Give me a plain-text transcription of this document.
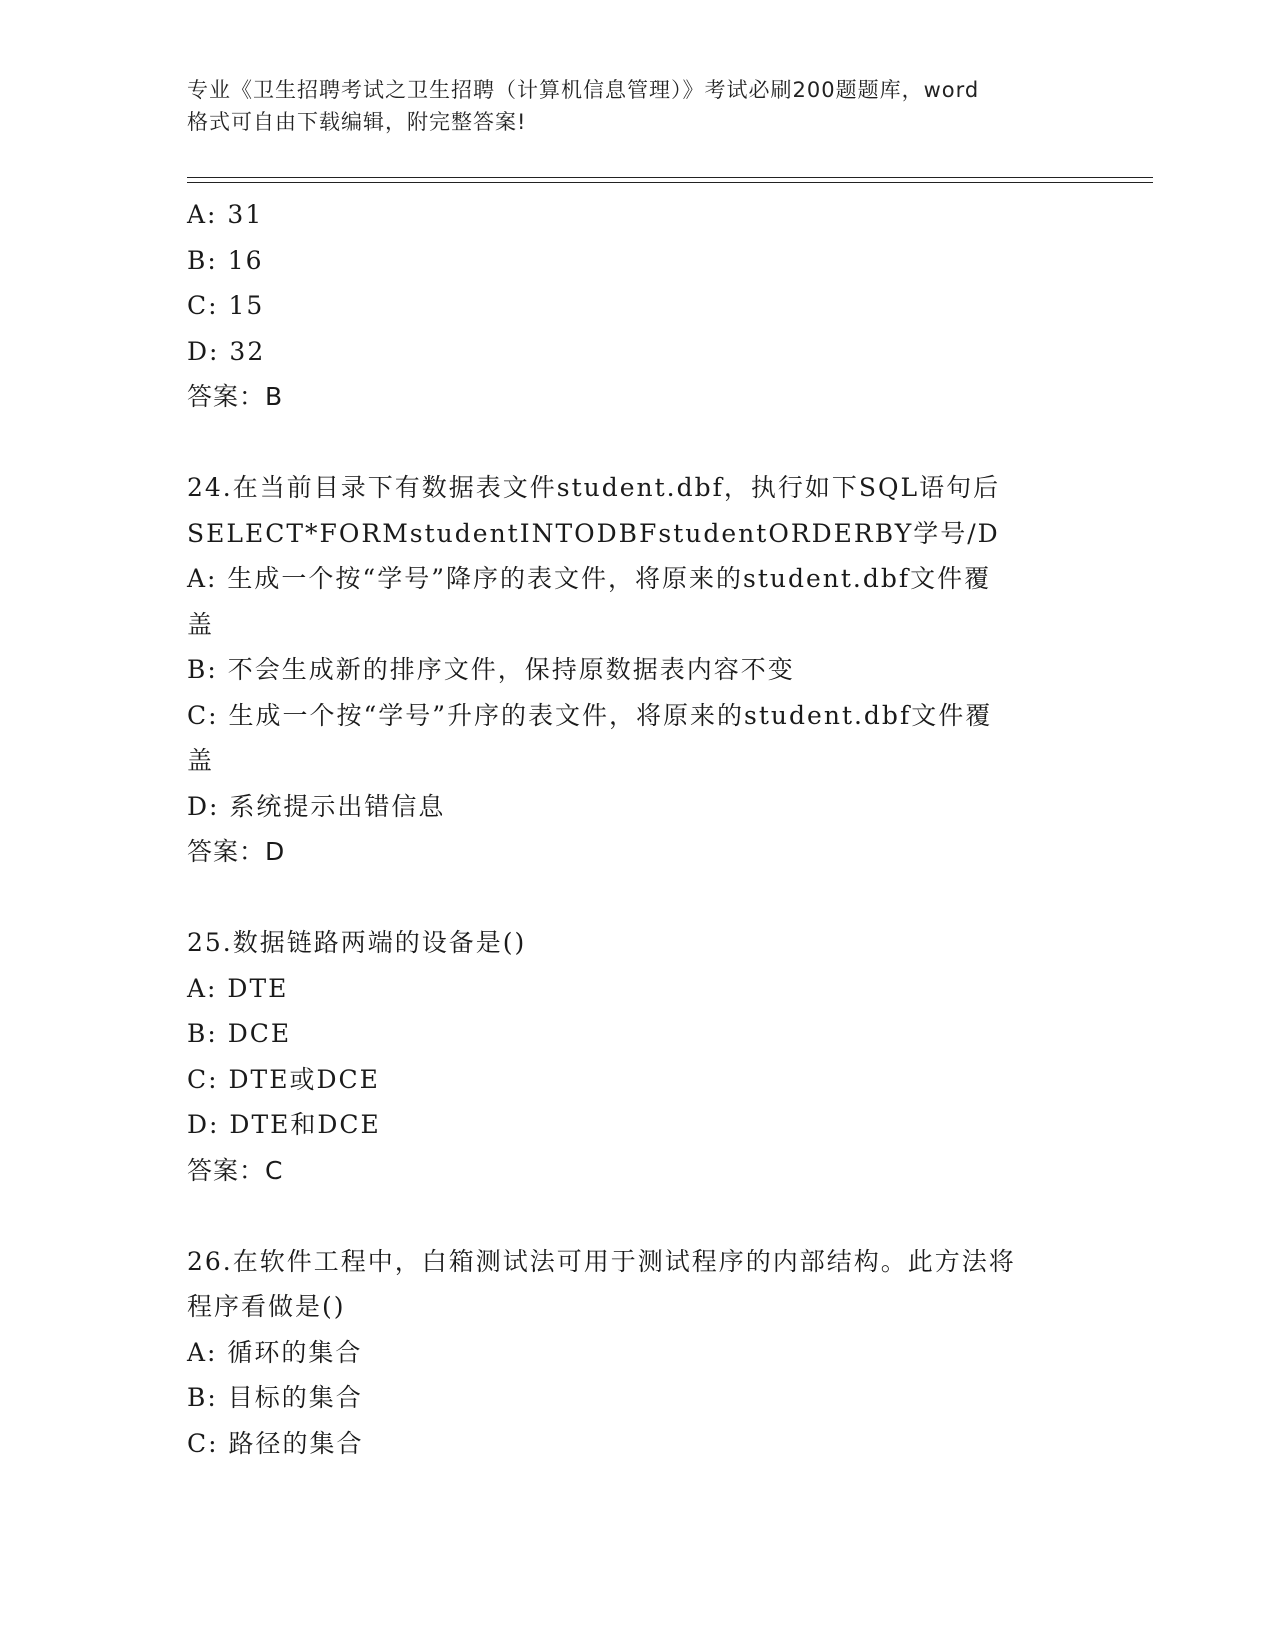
专业《卫生招聘考试之卫生招聘（计算机信息管理）》考试必刷200题题库，word
格式可自由下载编辑，附完整答案!
A: 31
B: 16
C: 15
D: 32
答案：B
24.在当前目录下有数据表文件student.dbf，执行如下SQL语句后
SELECT*FORMstudentINTODBFstudentORDERBY学号/D
A: 生成一个按“学号”降序的表文件，将原来的student.dbf文件覆
盖
B: 不会生成新的排序文件，保持原数据表内容不变
C: 生成一个按“学号”升序的表文件，将原来的student.dbf文件覆
盖
D: 系统提示出错信息
答案：D
25.数据链路两端的设备是()
A: DTE
B: DCE
C: DTE或DCE
D: DTE和DCE
答案：C
26.在软件工程中，白箱测试法可用于测试程序的内部结构。此方法将
程序看做是()
A: 循环的集合
B: 目标的集合
C: 路径的集合
